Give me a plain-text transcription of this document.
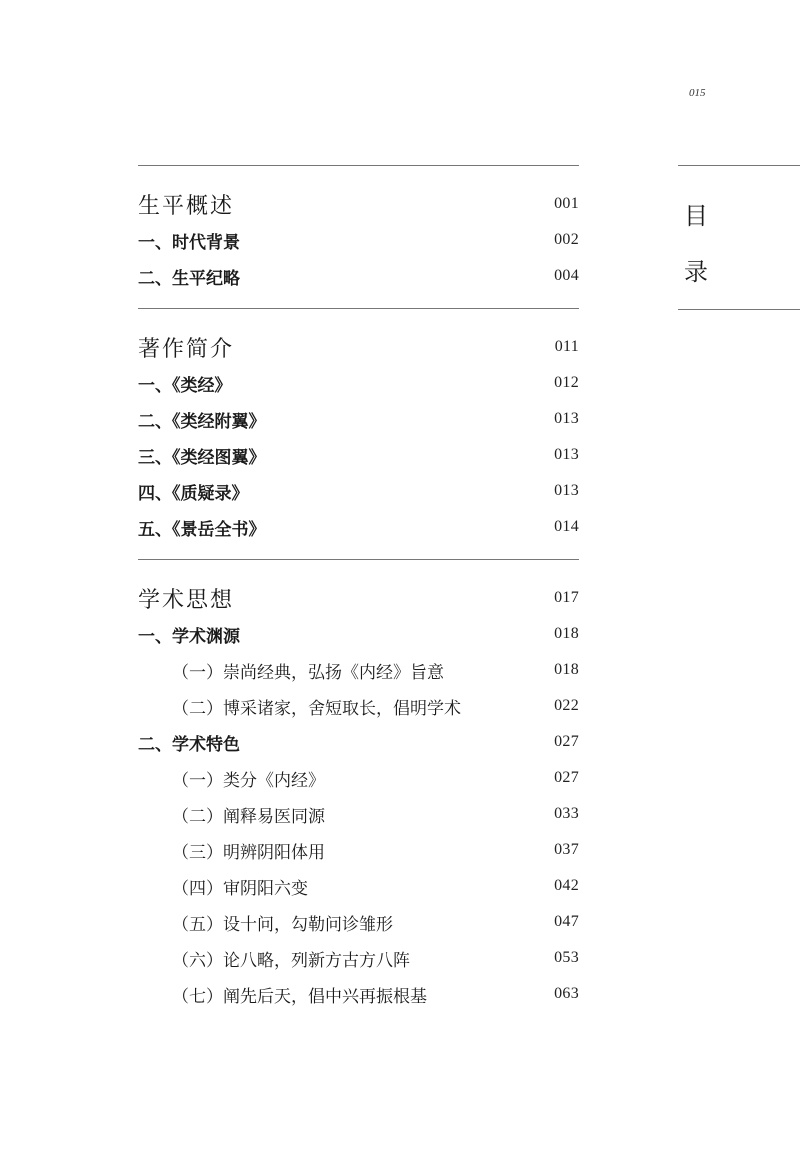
015
生平概述	001
一、时代背景	002
二、生平纪略	004
著作简介	011
一、《类经》	012
二、《类经附翼》	013
三、《类经图翼》	013
四、《质疑录》	013
五、《景岳全书》	014
学术思想	017
一、学术渊源	018
（一）崇尚经典，弘扬《内经》旨意	018
（二）博采诸家，舍短取长，倡明学术	022
二、学术特色	027
（一）类分《内经》	027
（二）阐释易医同源	033
（三）明辨阴阳体用	037
（四）审阴阳六变	042
（五）设十问，勾勒问诊雏形	047
（六）论八略，列新方古方八阵	053
（七）阐先后天，倡中兴再振根基	063
目
录
